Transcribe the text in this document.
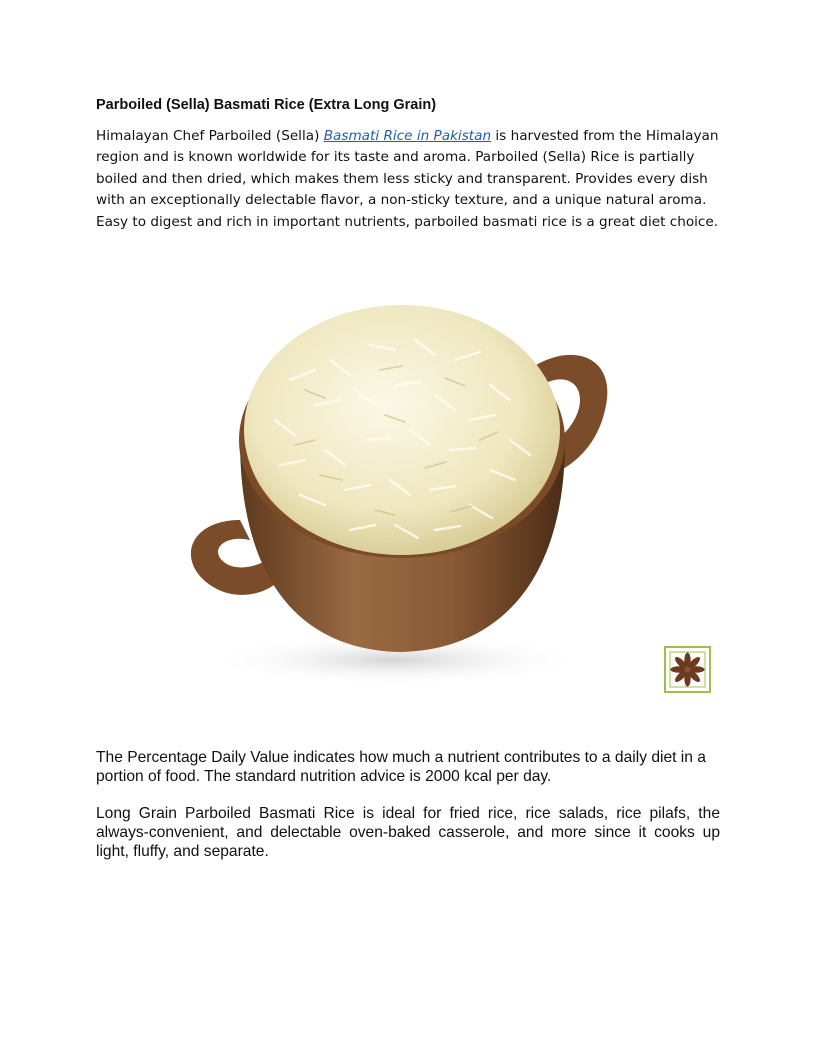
Parboiled (Sella) Basmati Rice (Extra Long Grain)

Himalayan Chef Parboiled (Sella) Basmati Rice in Pakistan is harvested from the Himalayan region and is known worldwide for its taste and aroma. Parboiled (Sella) Rice is partially boiled and then dried, which makes them less sticky and transparent. Provides every dish with an exceptionally delectable flavor, a non-sticky texture, and a unique natural aroma. Easy to digest and rich in important nutrients, parboiled basmati rice is a great diet choice.

The Percentage Daily Value indicates how much a nutrient contributes to a daily diet in a portion of food. The standard nutrition advice is 2000 kcal per day.

Long Grain Parboiled Basmati Rice is ideal for fried rice, rice salads, rice pilafs, the always-convenient, and delectable oven-baked casserole, and more since it cooks up light, fluffy, and separate.
